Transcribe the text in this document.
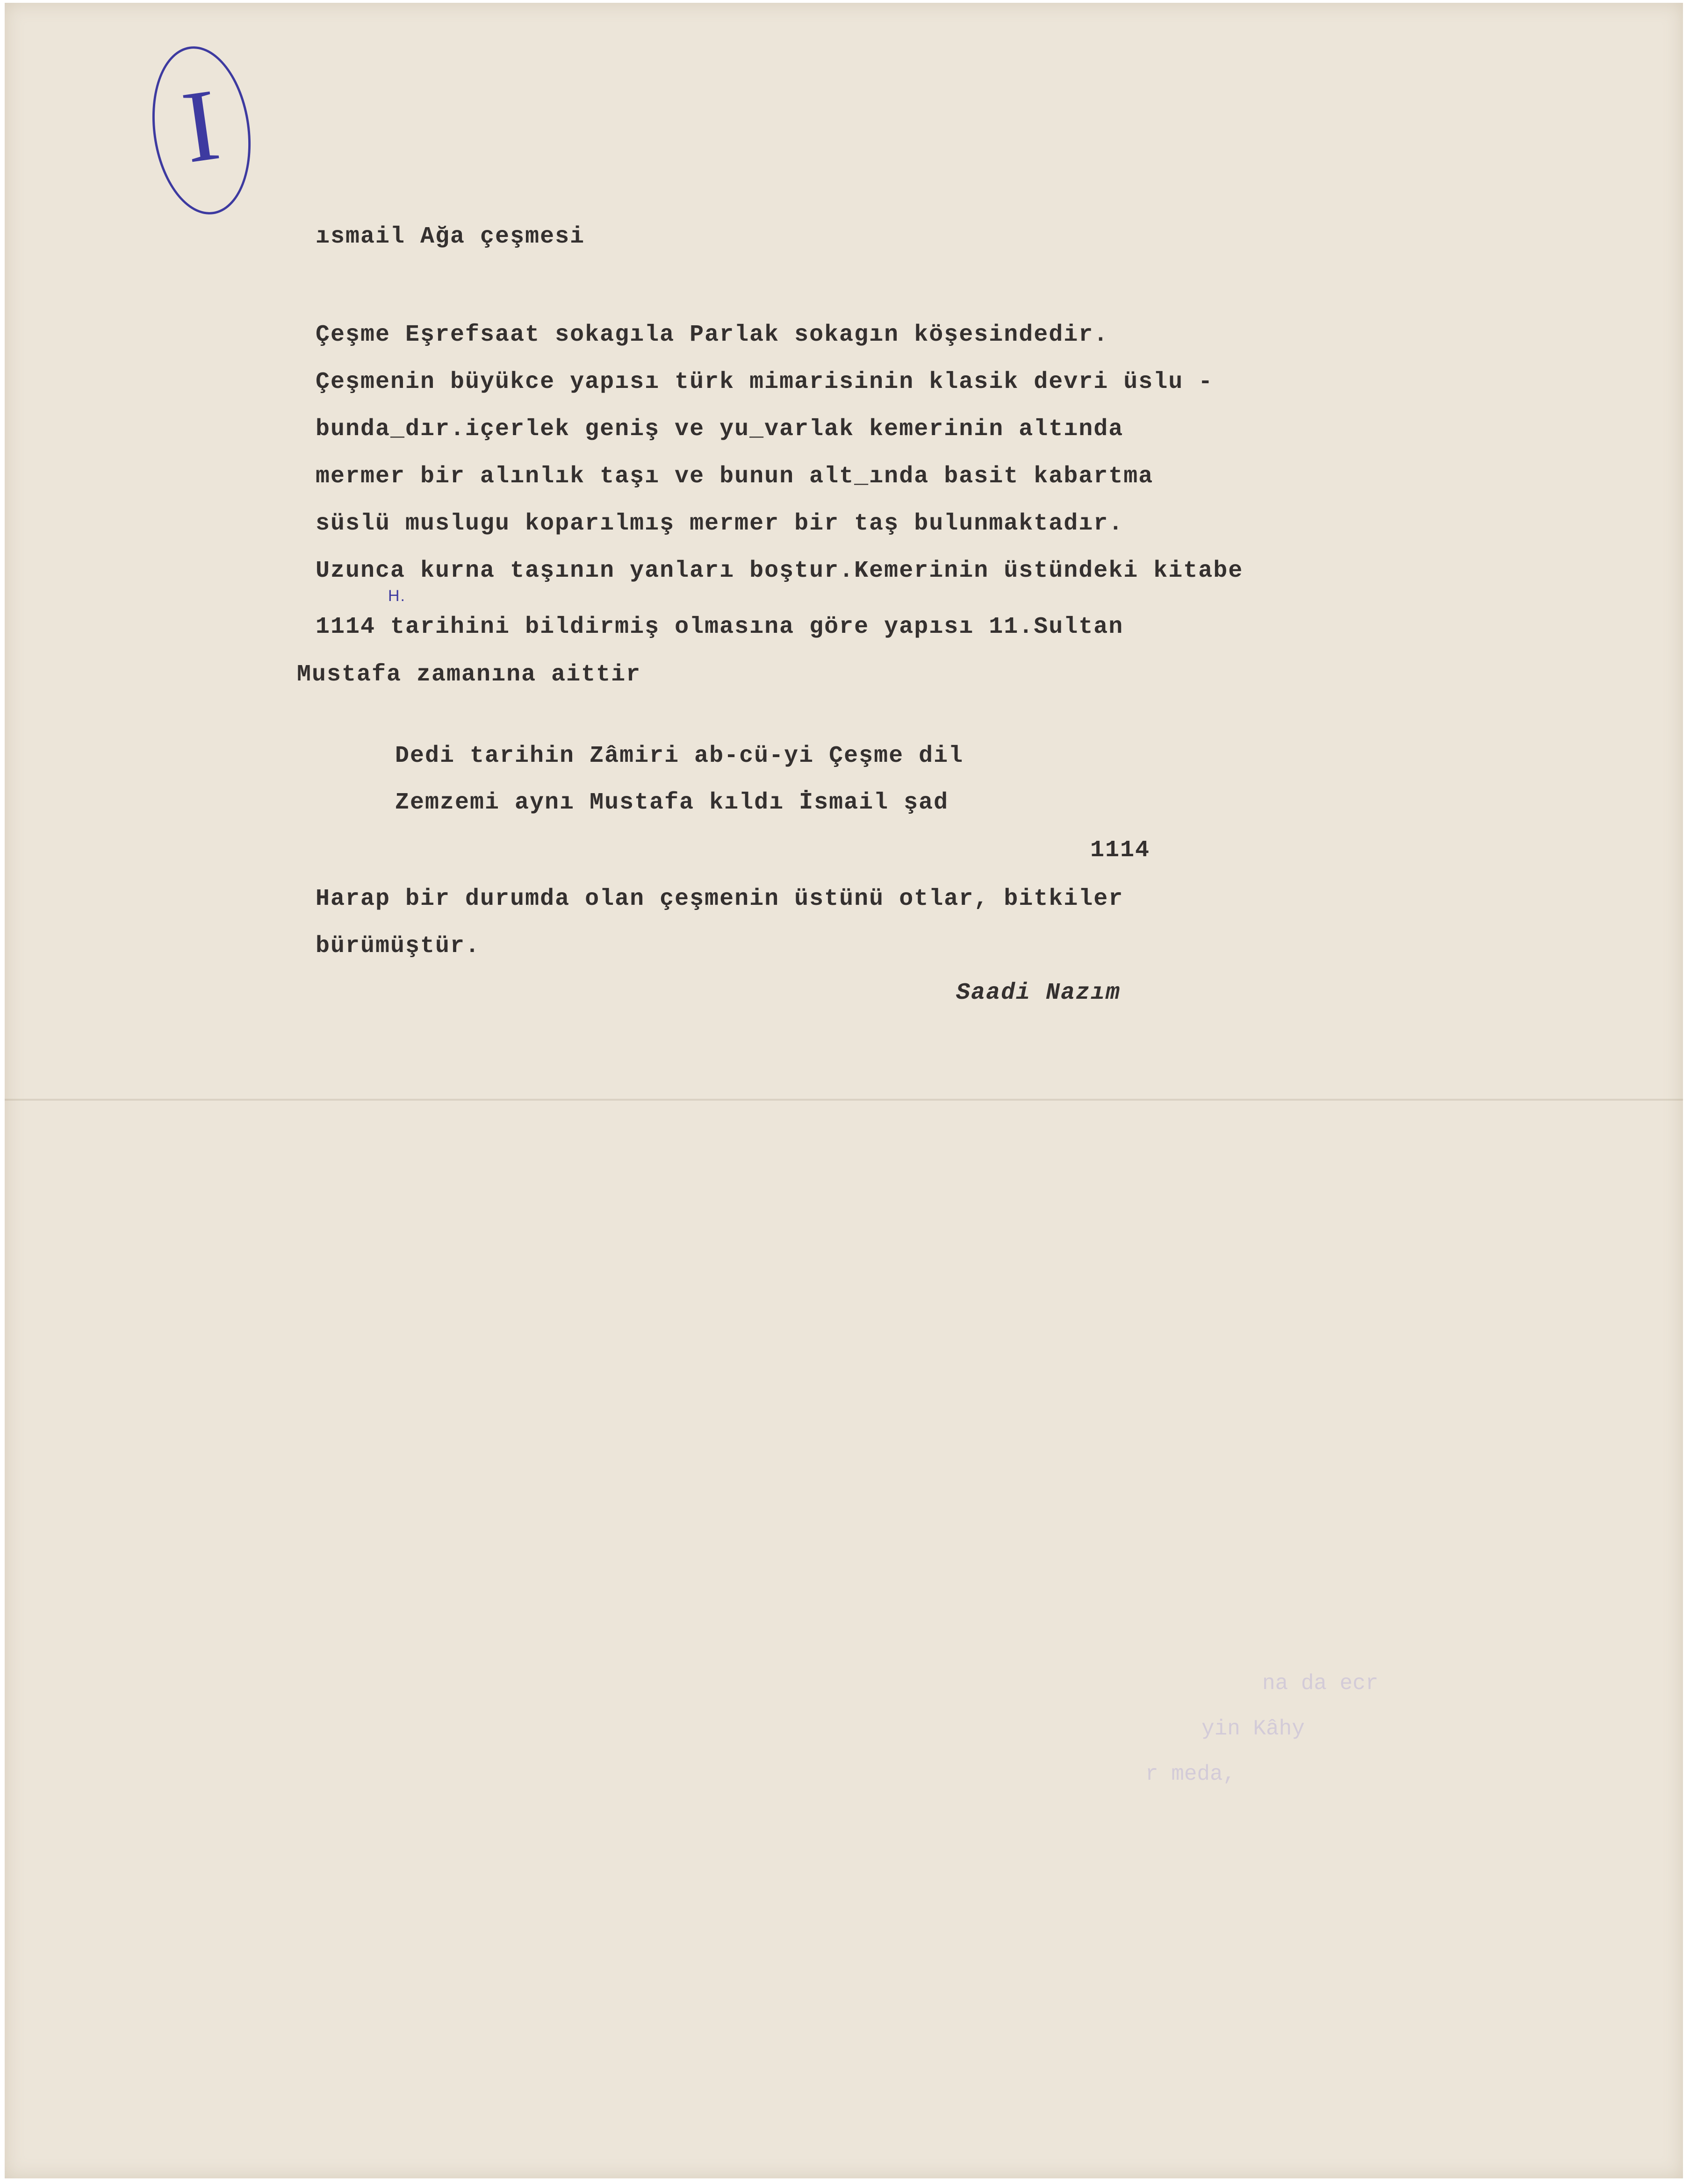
I
ısmail Ağa çeşmesi
Çeşme Eşrefsaat sokagıla Parlak sokagın köşesindedir.
Çeşmenin büyükce yapısı türk mimarisinin klasik devri üslu -
bunda_dır.içerlek geniş ve yu_varlak kemerinin altında
mermer bir alınlık taşı ve bunun alt_ında basit kabartma
süslü muslugu koparılmış mermer bir taş bulunmaktadır.
Uzunca kurna taşının yanları boştur.Kemerinin üstündeki kitabe
H.
1114 tarihini bildirmiş olmasına göre yapısı 11.Sultan
Mustafa zamanına aittir
Dedi tarihin Zâmiri ab-cü-yi Çeşme dil
Zemzemi aynı Mustafa kıldı İsmail şad
1114
Harap bir durumda olan çeşmenin üstünü otlar, bitkiler
bürümüştür.
Saadi Nazım
na da ecr
yin Kâhy
r meda,
